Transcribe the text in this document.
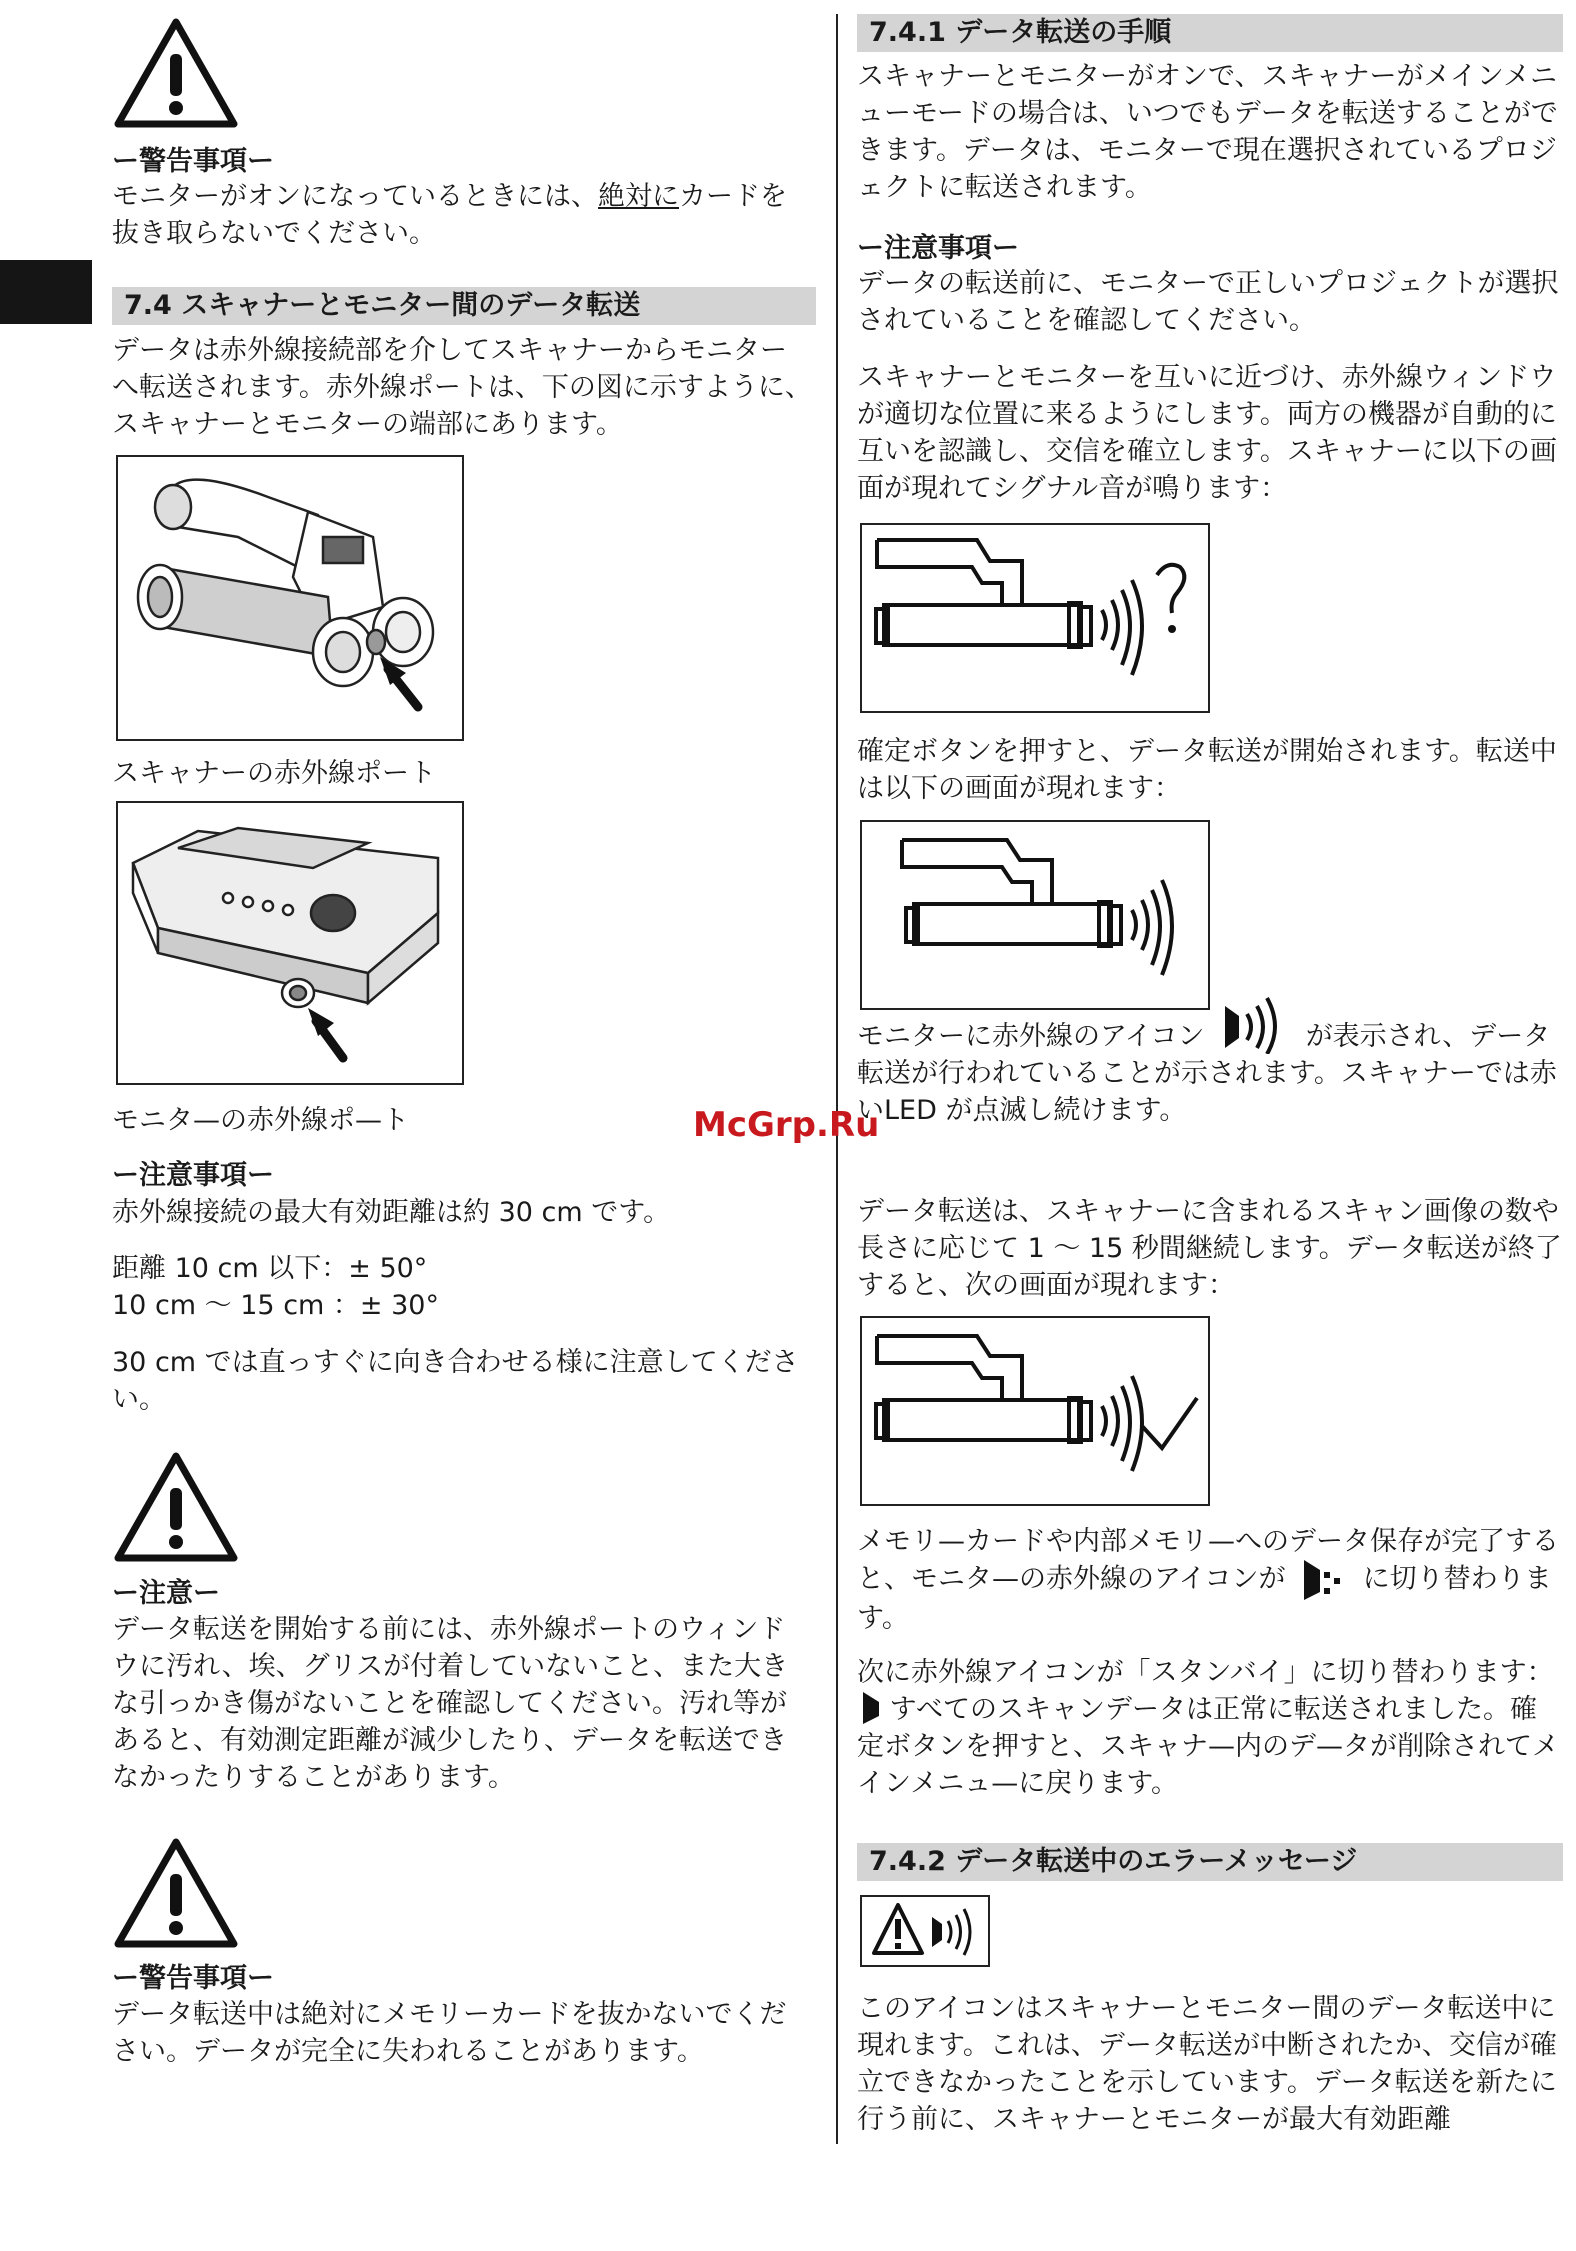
ー警告事項ー

モニターがオンになっているときには、絶対にカードを抜き取らないでください。

7.4 スキャナーとモニター間のデータ転送

データは赤外線接続部を介してスキャナーからモニターへ転送されます。赤外線ポートは、下の図に示すように、スキャナーとモニターの端部にあります。

スキャナーの赤外線ポート

モニタ—の赤外線ポ—ト

ー注意事項ー

赤外線接続の最大有効距離は約 30 cm です。

距離 10 cm 以下：± 50°

10 cm 〜 15 cm ：± 30°

30 cm では直っすぐに向き合わせる様に注意してください。

ー注意ー

データ転送を開始する前には、赤外線ポートのウィンドウに汚れ、埃、グリスが付着していないこと、また大きな引っかき傷がないことを確認してください。汚れ等があると、有効測定距離が減少したり、データを転送できなかったりすることがあります。

ー警告事項ー

データ転送中は絶対にメモリーカードを抜かないでください。データが完全に失われることがあります。

7.4.1 データ転送の手順

スキャナーとモニターがオンで、スキャナーがメインメニューモードの場合は、いつでもデータを転送することができます。データは、モニターで現在選択されているプロジェクトに転送されます。

ー注意事項ー

データの転送前に、モニターで正しいプロジェクトが選択されていることを確認してください。

スキャナーとモニターを互いに近づけ、赤外線ウィンドウが適切な位置に来るようにします。両方の機器が自動的に互いを認識し、交信を確立します。スキャナーに以下の画面が現れてシグナル音が鳴ります：

確定ボタンを押すと、データ転送が開始されます。転送中は以下の画面が現れます：

モニターに赤外線のアイコン	が表示され、データ転送が行われていることが示されます。スキャナーでは赤いLED が点滅し続けます。

データ転送は、スキャナーに含まれるスキャン画像の数や長さに応じて 1 〜 15 秒間継続します。データ転送が終了すると、次の画面が現れます：

メモリ—カードや内部メモリ—へのデータ保存が完了すると、モニタ—の赤外線のアイコンが	に切り替わります。

次に赤外線アイコンが「スタンバイ」に切り替わります：  すべてのスキャンデータは正常に転送されました。確定ボタンを押すと、スキャナ—内のデ—タが削除されてメインメニュ—に戻ります。

7.4.2 データ転送中のエラーメッセージ

このアイコンはスキャナーとモニター間のデータ転送中に現れます。これは、データ転送が中断されたか、交信が確立できなかったことを示しています。データ転送を新たに行う前に、スキャナーとモニターが最大有効距離

McGrp.Ru
